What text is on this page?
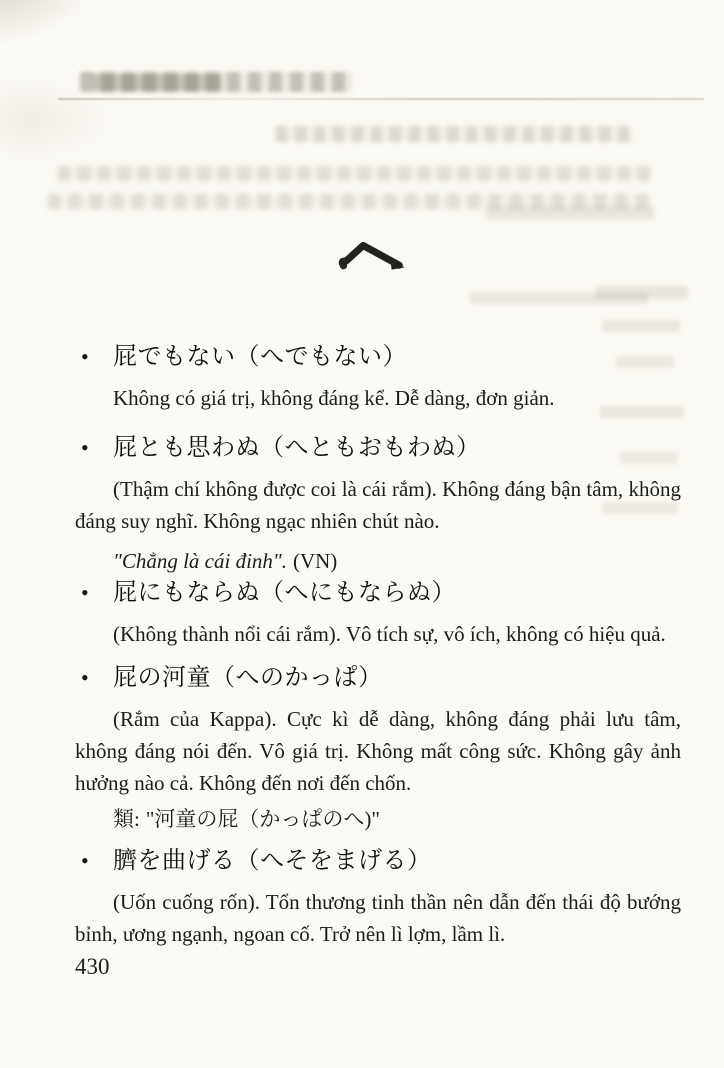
•	屁でもない（へでもない）

Không có giá trị, không đáng kể. Dễ dàng, đơn giản.

•	屁とも思わぬ（へともおもわぬ）

(Thậm chí không được coi là cái rắm). Không đáng bận tâm, không đáng suy nghĩ. Không ngạc nhiên chút nào.

"Chẳng là cái đinh". (VN)

•	屁にもならぬ（へにもならぬ）

(Không thành nổi cái rắm). Vô tích sự, vô ích, không có hiệu quả.

•	屁の河童（へのかっぱ）

(Rắm của Kappa). Cực kì dễ dàng, không đáng phải lưu tâm, không đáng nói đến. Vô giá trị. Không mất công sức. Không gây ảnh hưởng nào cả. Không đến nơi đến chốn.

類: "河童の屁（かっぱのへ)"

•	臍を曲げる（へそをまげる）

(Uốn cuống rốn). Tổn thương tinh thần nên dẫn đến thái độ bướng bỉnh, ương ngạnh, ngoan cố. Trở nên lì lợm, lầm lì.

430
